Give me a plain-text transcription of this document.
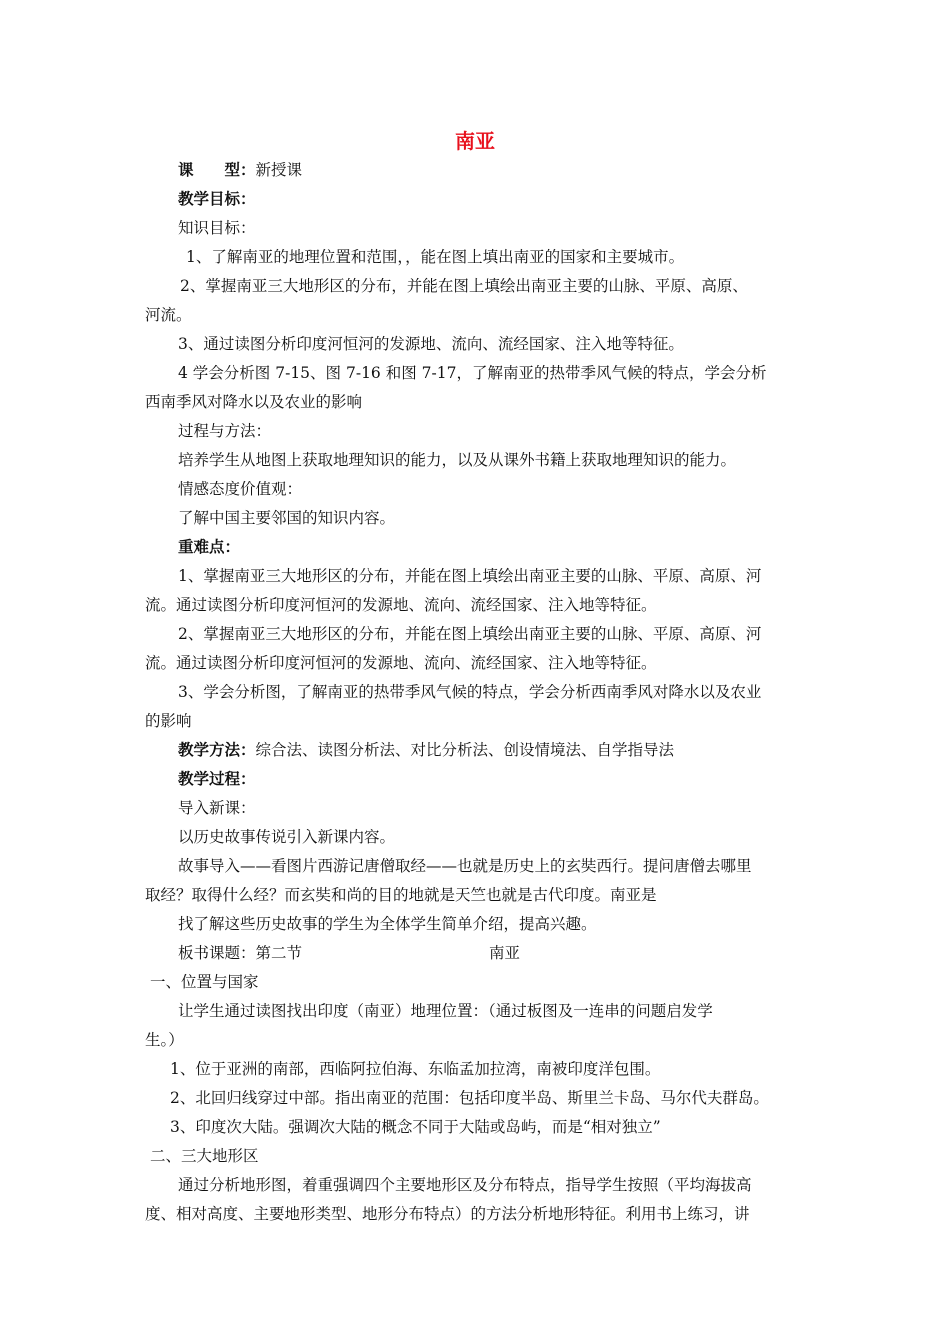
南亚
课　　型：新授课
教学目标：
知识目标：
1、了解南亚的地理位置和范围，，能在图上填出南亚的国家和主要城市。
2、掌握南亚三大地形区的分布，并能在图上填绘出南亚主要的山脉、平原、高原、
河流。
3、通过读图分析印度河恒河的发源地、流向、流经国家、注入地等特征。
4 学会分析图 7-15、图 7-16 和图 7-17，了解南亚的热带季风气候的特点，学会分析
西南季风对降水以及农业的影响
过程与方法：
培养学生从地图上获取地理知识的能力，以及从课外书籍上获取地理知识的能力。
情感态度价值观：
了解中国主要邻国的知识内容。
重难点：
1、掌握南亚三大地形区的分布，并能在图上填绘出南亚主要的山脉、平原、高原、河
流。通过读图分析印度河恒河的发源地、流向、流经国家、注入地等特征。
2、掌握南亚三大地形区的分布，并能在图上填绘出南亚主要的山脉、平原、高原、河
流。通过读图分析印度河恒河的发源地、流向、流经国家、注入地等特征。
3、学会分析图，了解南亚的热带季风气候的特点，学会分析西南季风对降水以及农业
的影响
教学方法：综合法、读图分析法、对比分析法、创设情境法、自学指导法
教学过程：
导入新课：
以历史故事传说引入新课内容。
故事导入——看图片西游记唐僧取经——也就是历史上的玄奘西行。提问唐僧去哪里
取经？取得什么经？而玄奘和尚的目的地就是天竺也就是古代印度。南亚是
找了解这些历史故事的学生为全体学生简单介绍，提高兴趣。
板书课题：第二节	南亚
一、位置与国家
让学生通过读图找出印度（南亚）地理位置：（通过板图及一连串的问题启发学
生。）
1、位于亚洲的南部，西临阿拉伯海、东临孟加拉湾，南被印度洋包围。
2、北回归线穿过中部。指出南亚的范围：包括印度半岛、斯里兰卡岛、马尔代夫群岛。
3、印度次大陆。强调次大陆的概念不同于大陆或岛屿，而是“相对独立”
二、三大地形区
通过分析地形图，着重强调四个主要地形区及分布特点，指导学生按照（平均海拔高
度、相对高度、主要地形类型、地形分布特点）的方法分析地形特征。利用书上练习，讲
